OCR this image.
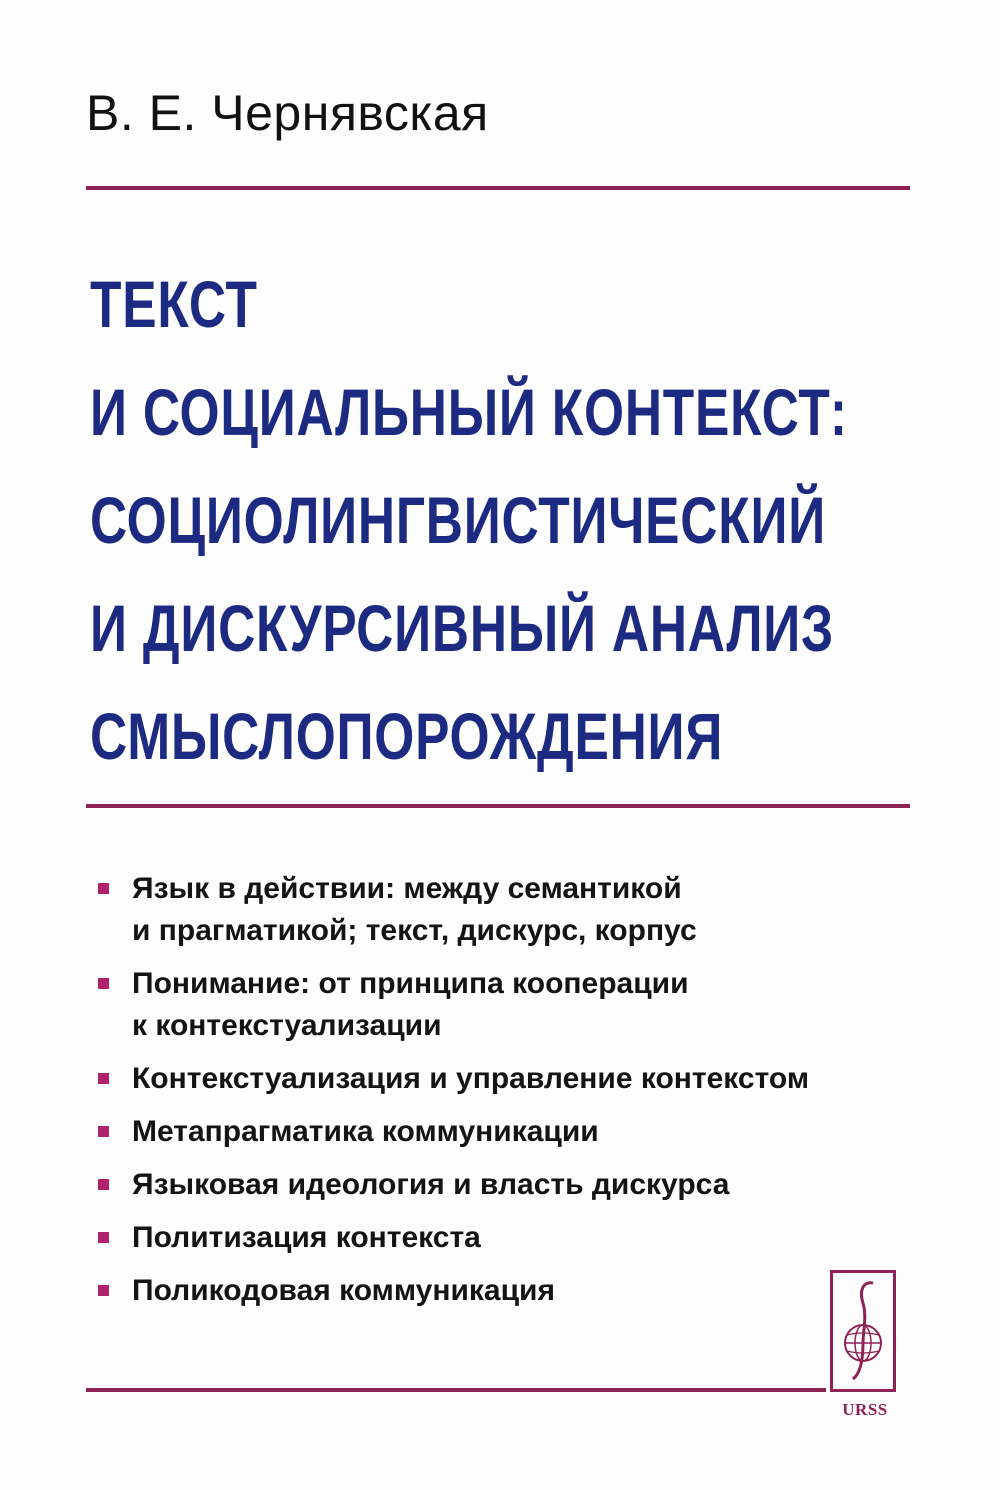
В. Е. Чернявская
ТЕКСТ
И СОЦИАЛЬНЫЙ КОНТЕКСТ:
СОЦИОЛИНГВИСТИЧЕСКИЙ
И ДИСКУРСИВНЫЙ АНАЛИЗ
СМЫСЛОПОРОЖДЕНИЯ
Язык в действии: между семантикой
и прагматикой; текст, дискурс, корпус
Понимание: от принципа кооперации
к контекстуализации
Контекстуализация и управление контекстом
Метапрагматика коммуникации
Языковая идеология и власть дискурса
Политизация контекста
Поликодовая коммуникация
URSS
